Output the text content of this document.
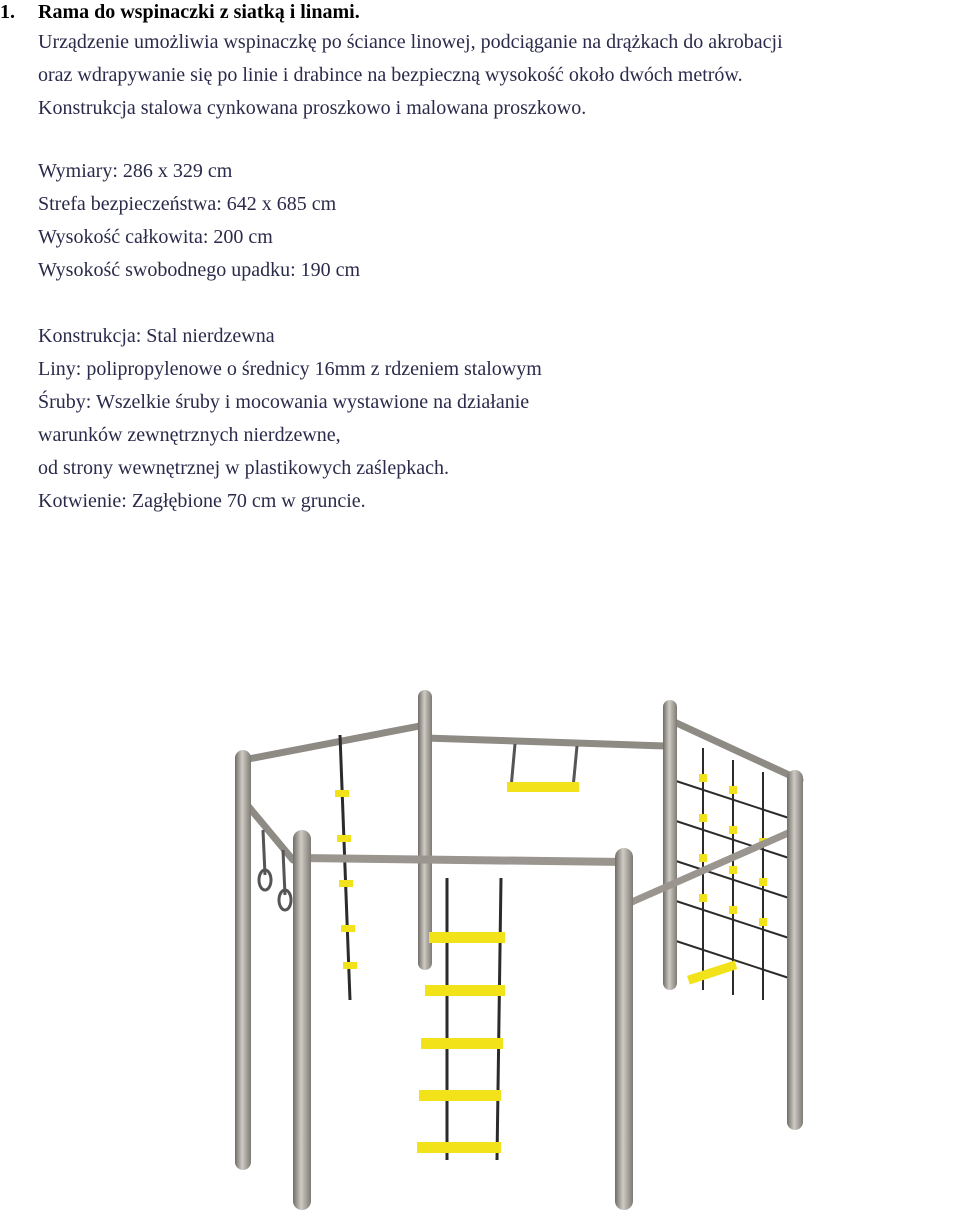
1. Rama do wspinaczki z siatką i linami.
Urządzenie umożliwia wspinaczkę po ściance linowej, podciąganie na drążkach do akrobacji
oraz wdrapywanie się po linie i drabince na bezpieczną wysokość około dwóch metrów.
Konstrukcja stalowa cynkowana proszkowo i malowana proszkowo.
Wymiary: 286 x 329 cm
Strefa bezpieczeństwa: 642 x 685 cm
Wysokość całkowita: 200 cm
Wysokość swobodnego upadku: 190 cm
Konstrukcja: Stal nierdzewna
Liny: polipropylenowe o średnicy 16mm z rdzeniem stalowym
Śruby: Wszelkie śruby i mocowania wystawione na działanie
warunków zewnętrznych nierdzewne,
od strony wewnętrznej w plastikowych zaślepkach.
Kotwienie: Zagłębione 70 cm w gruncie.
